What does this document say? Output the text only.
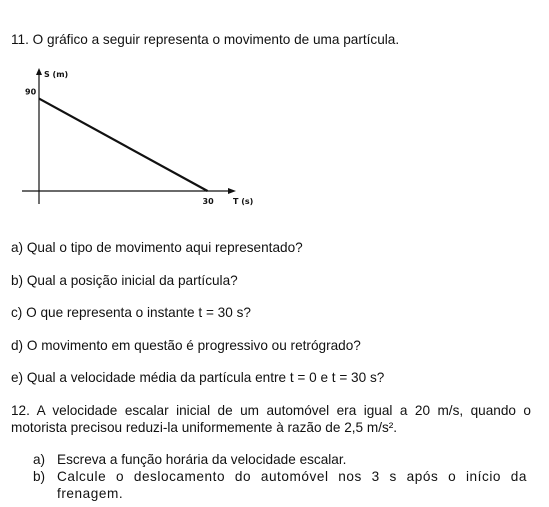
11. O gráfico a seguir representa o movimento de uma partícula.

S (m)
T (s)
90
30

a) Qual o tipo de movimento aqui representado?

b) Qual a posição inicial da partícula?

c) O que representa o instante t = 30 s?

d) O movimento em questão é progressivo ou retrógrado?

e) Qual a velocidade média da partícula entre t = 0 e t = 30 s?

12. A velocidade escalar inicial de um automóvel era igual a 20 m/s, quando o motorista precisou reduzi-la uniformemente à razão de 2,5 m/s².

a) Escreva a função horária da velocidade escalar.
b) Calcule o deslocamento do automóvel nos 3 s após o início da frenagem.
